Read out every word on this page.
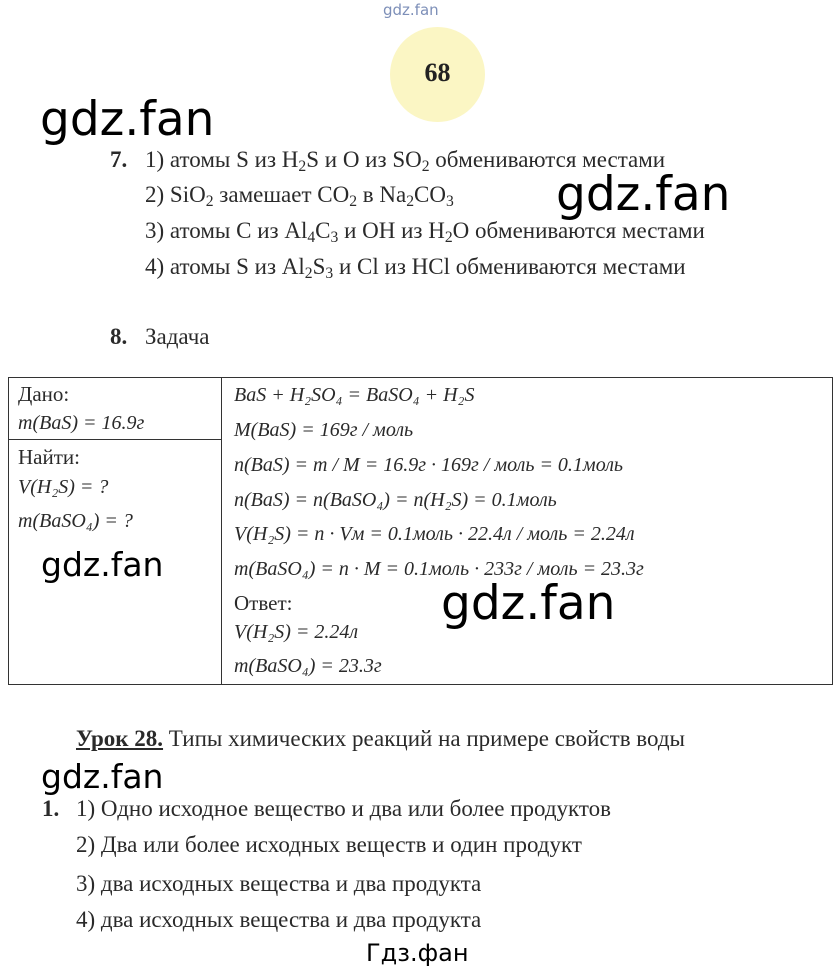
gdz.fan
gdz.fan
gdz.fan
gdz.fan
gdz.fan
gdz.fan
Гдз.фан
68
7. 1) атомы S из $H_2S$ и O из $SO_2$ обмениваются местами
2) SiO$_2$ замешает $CO_2$ в $Na_2CO_3$
3) атомы C из $Al_4C_3$ и OH из $H_2O$ обмениваются местами
4) атомы S из $Al_2S_3$ и Cl из HCl обмениваются местами
8. Задача
Дано:
m(BaS) = 16.9г
Найти:
V(H₂S) = ?
m(BaSO₄) = ?
BaS + H₂SO₄ = BaSO₄ + H₂S
M(BaS) = 169г / моль
n(BaS) = m / M = 16.9г · 169г / моль = 0.1моль
n(BaS) = n(BaSO₄) = n(H₂S) = 0.1моль
V(H₂S) = n · Vм = 0.1моль · 22.4л / моль = 2.24л
m(BaSO₄) = n · M = 0.1моль · 233г / моль = 23.3г
Ответ:
V(H₂S) = 2.24л
m(BaSO₄) = 23.3г
Урок 28. Типы химических реакций на примере свойств воды
1. 1) Одно исходное вещество и два или более продуктов
2) Два или более исходных веществ и один продукт
3) два исходных вещества и два продукта
4) два исходных вещества и два продукта
